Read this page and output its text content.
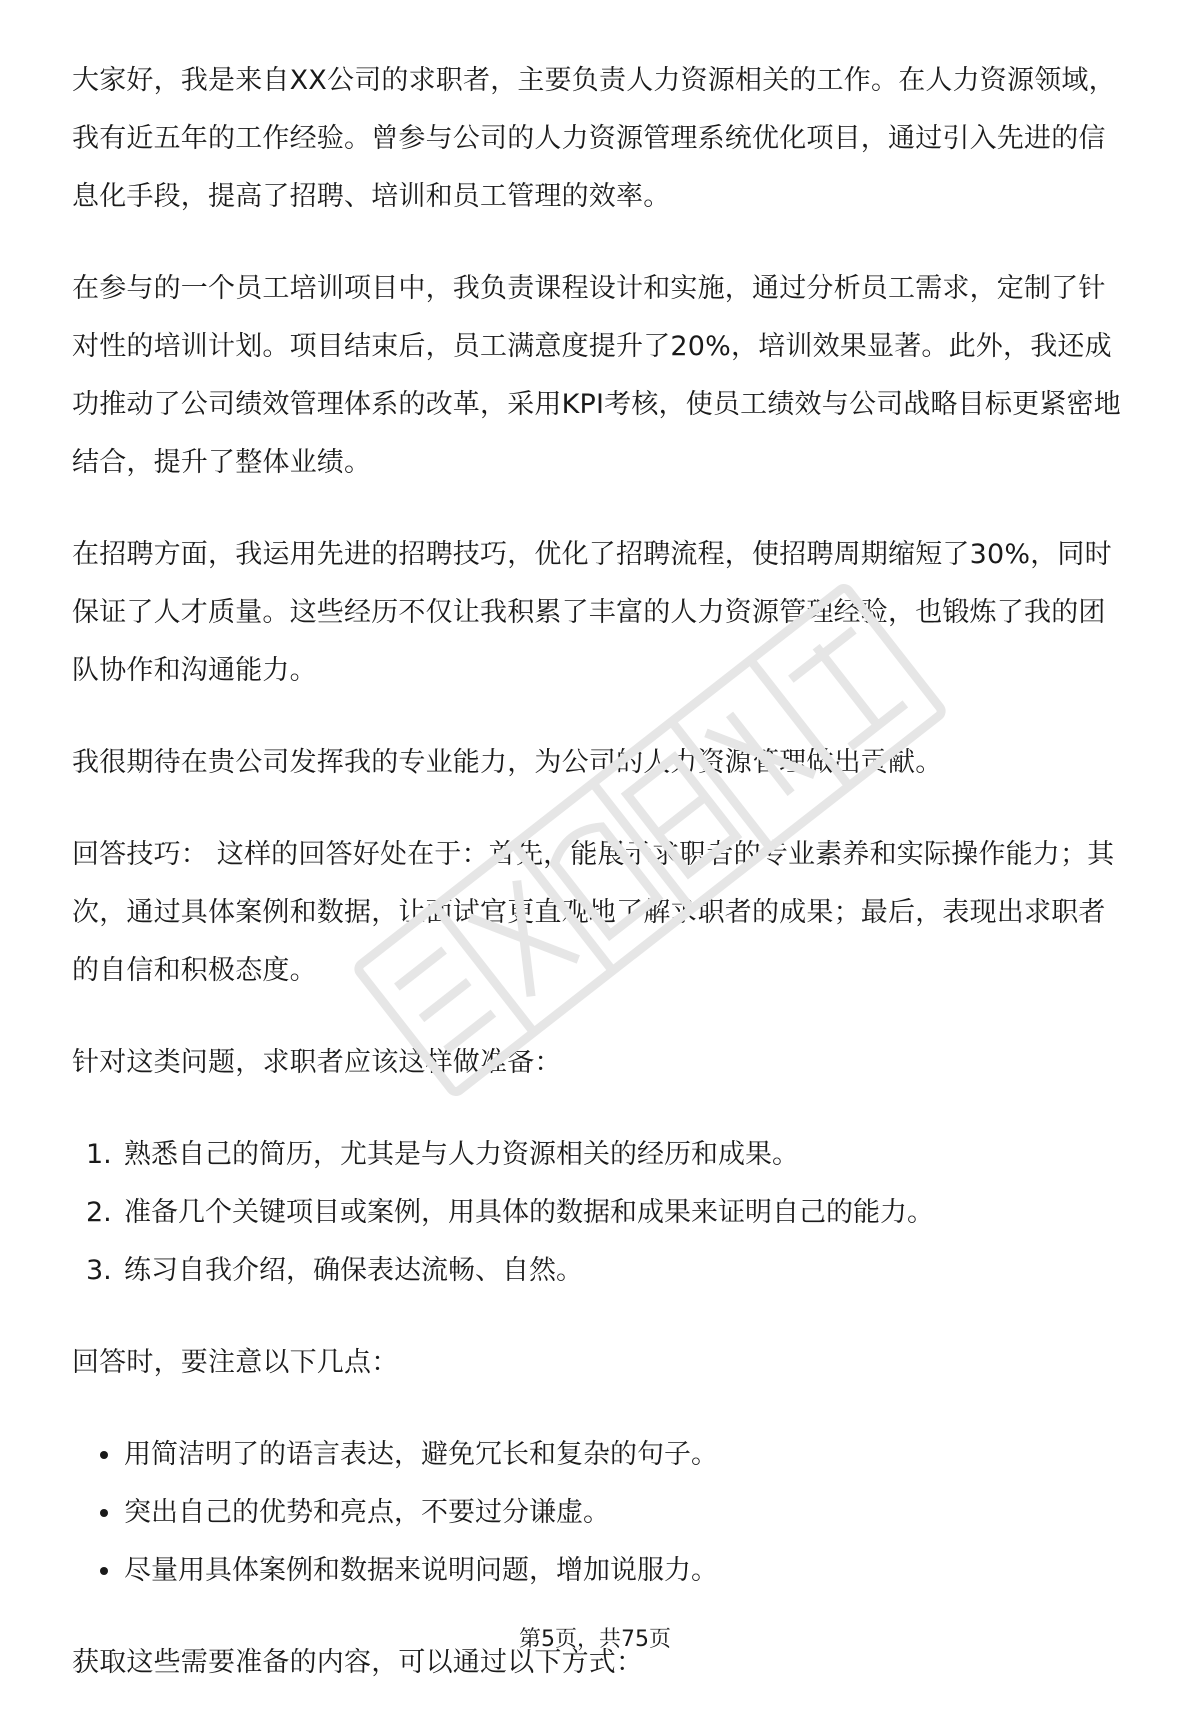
大家好，我是来自XX公司的求职者，主要负责人力资源相关的工作。在人力资源领域，我有近五年的工作经验。曾参与公司的人力资源管理系统优化项目，通过引入先进的信息化手段，提高了招聘、培训和员工管理的效率。

在参与的一个员工培训项目中，我负责课程设计和实施，通过分析员工需求，定制了针对性的培训计划。项目结束后，员工满意度提升了20%，培训效果显著。此外，我还成功推动了公司绩效管理体系的改革，采用KPI考核，使员工绩效与公司战略目标更紧密地结合，提升了整体业绩。

在招聘方面，我运用先进的招聘技巧，优化了招聘流程，使招聘周期缩短了30%，同时保证了人才质量。这些经历不仅让我积累了丰富的人力资源管理经验，也锻炼了我的团队协作和沟通能力。

我很期待在贵公司发挥我的专业能力，为公司的人力资源管理做出贡献。

回答技巧： 这样的回答好处在于：首先，能展示求职者的专业素养和实际操作能力；其次，通过具体案例和数据，让面试官更直观地了解求职者的成果；最后，表现出求职者的自信和积极态度。

针对这类问题，求职者应该这样做准备：

1. 熟悉自己的简历，尤其是与人力资源相关的经历和成果。
2. 准备几个关键项目或案例，用具体的数据和成果来证明自己的能力。
3. 练习自我介绍，确保表达流畅、自然。

回答时，要注意以下几点：

用简洁明了的语言表达，避免冗长和复杂的句子。
突出自己的优势和亮点，不要过分谦虚。
尽量用具体案例和数据来说明问题，增加说服力。

获取这些需要准备的内容，可以通过以下方式：

第5页，共75页
